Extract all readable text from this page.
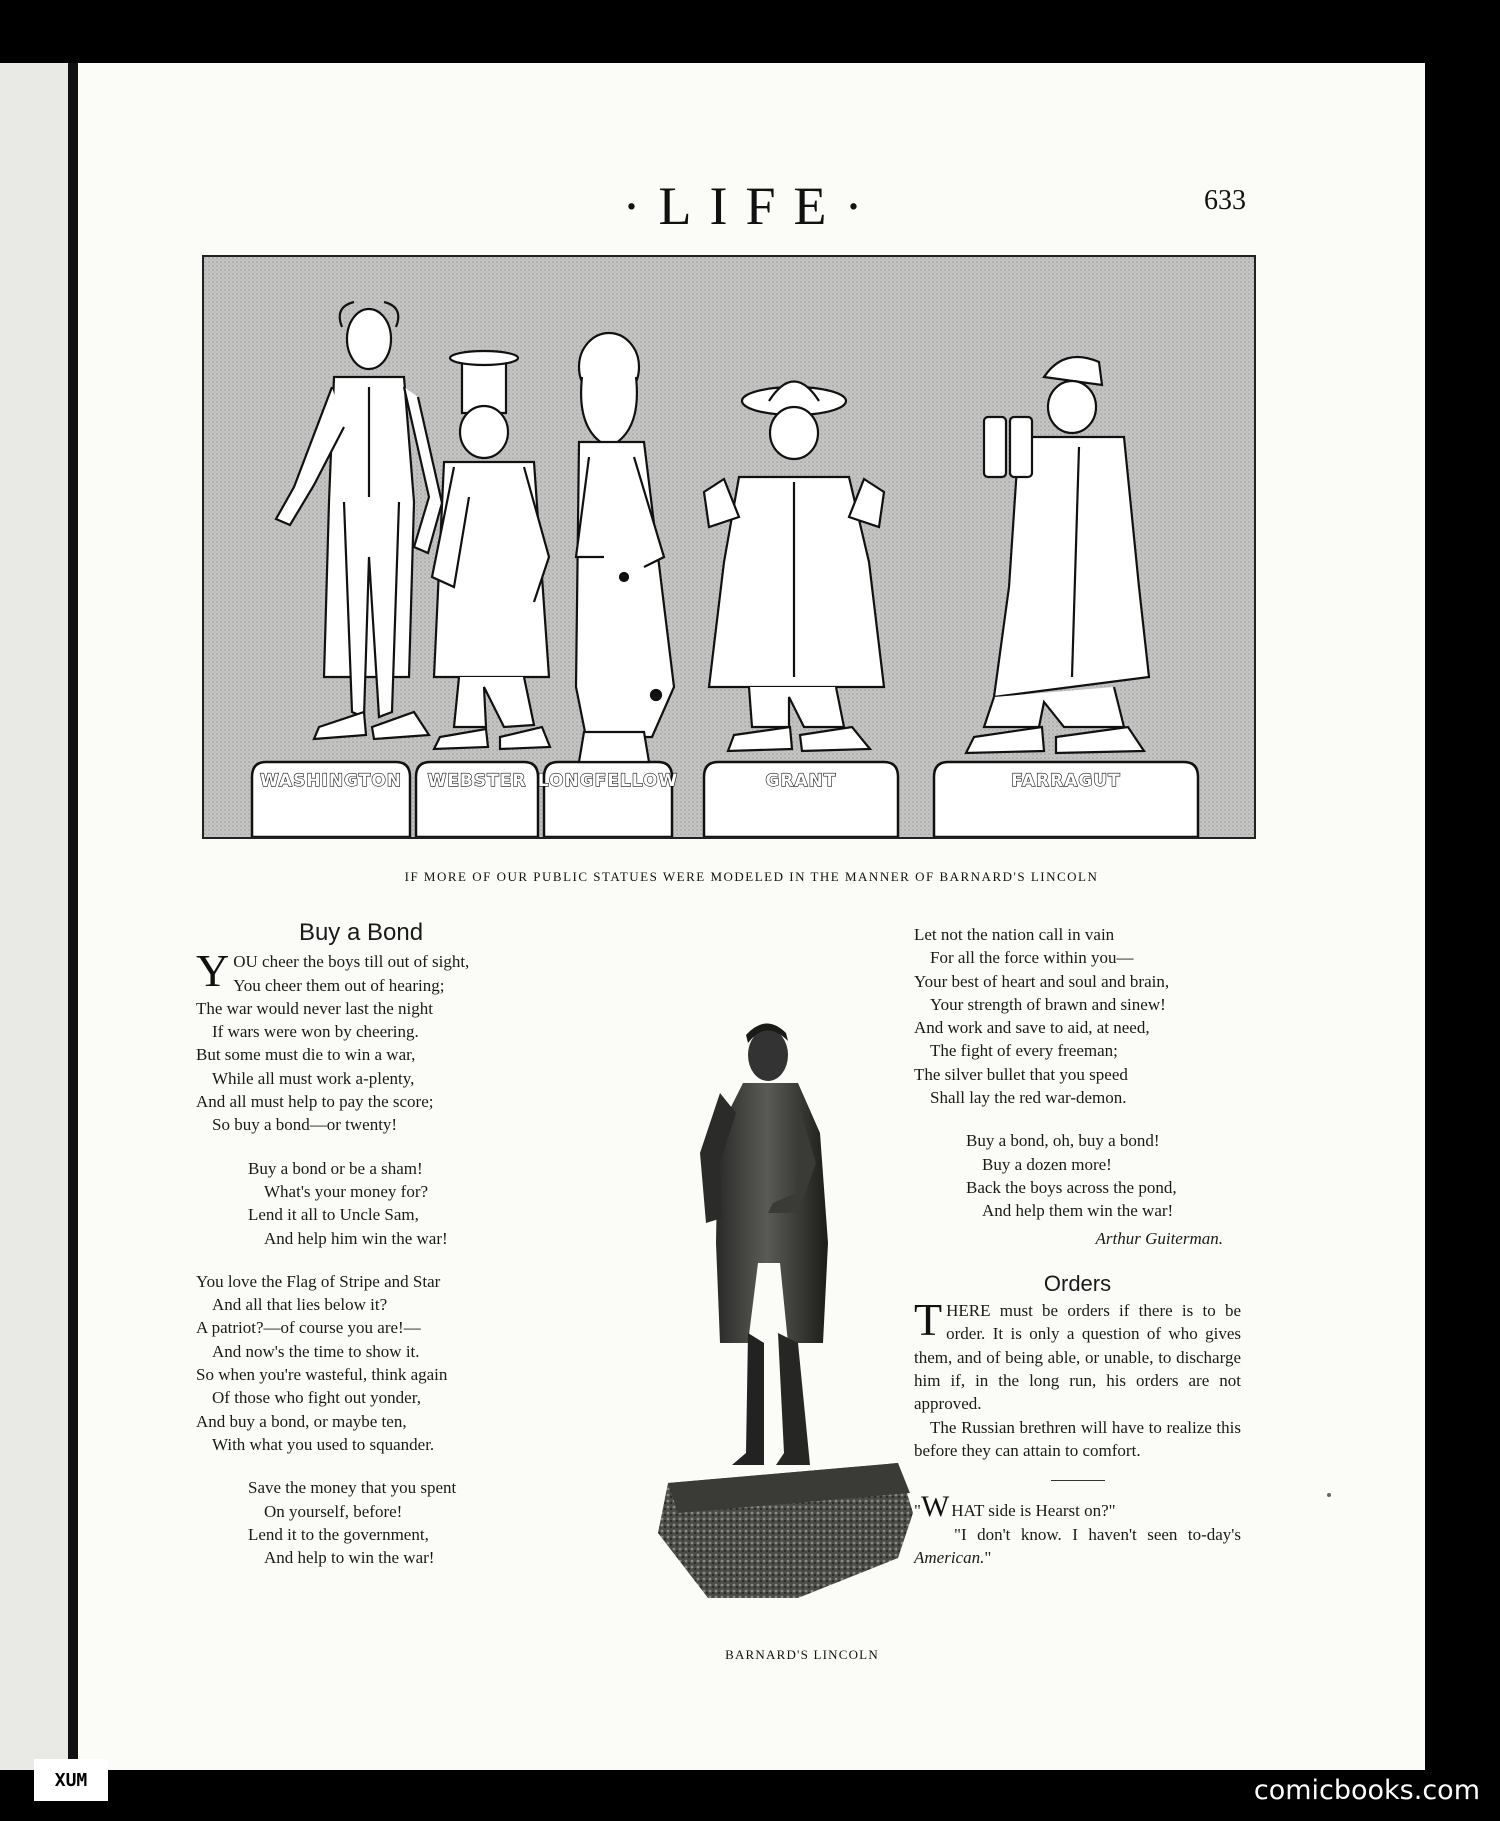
·LIFE·	633
WASHINGTON WEBSTER LONGFELLOW	GRANT	FARRAGUT
IF MORE OF OUR PUBLIC STATUES WERE MODELED IN THE MANNER OF BARNARD'S LINCOLN
Buy a Bond
Y OU cheer the boys till out of sight,
You cheer them out of hearing;
The war would never last the night
If wars were won by cheering.
But some must die to win a war,
While all must work a-plenty,
And all must help to pay the score;
So buy a bond—or twenty!
Buy a bond or be a sham!
What's your money for?
Lend it all to Uncle Sam,
And help him win the war!
You love the Flag of Stripe and Star
And all that lies below it?
A patriot?—of course you are!—
And now's the time to show it.
So when you're wasteful, think again
Of those who fight out yonder,
And buy a bond, or maybe ten,
With what you used to squander.
Save the money that you spent
On yourself, before!
Lend it to the government,
And help to win the war!
BARNARD'S LINCOLN
Let not the nation call in vain
For all the force within you—
Your best of heart and soul and brain,
Your strength of brawn and sinew!
And work and save to aid, at need,
The fight of every freeman;
The silver bullet that you speed
Shall lay the red war-demon.
Buy a bond, oh, buy a bond!
Buy a dozen more!
Back the boys across the pond,
And help them win the war!
Arthur Guiterman.
Orders

THERE must be orders if there is to be order. It is only a question of who gives them, and of being able, or unable, to discharge him if, in the long run, his orders are not approved.

The Russian brethren will have to realize this before they can attain to comfort.

"W HAT side is Hearst on?"

"I don't know. I haven't seen to-day's American."

XUM	comicbooks.com
